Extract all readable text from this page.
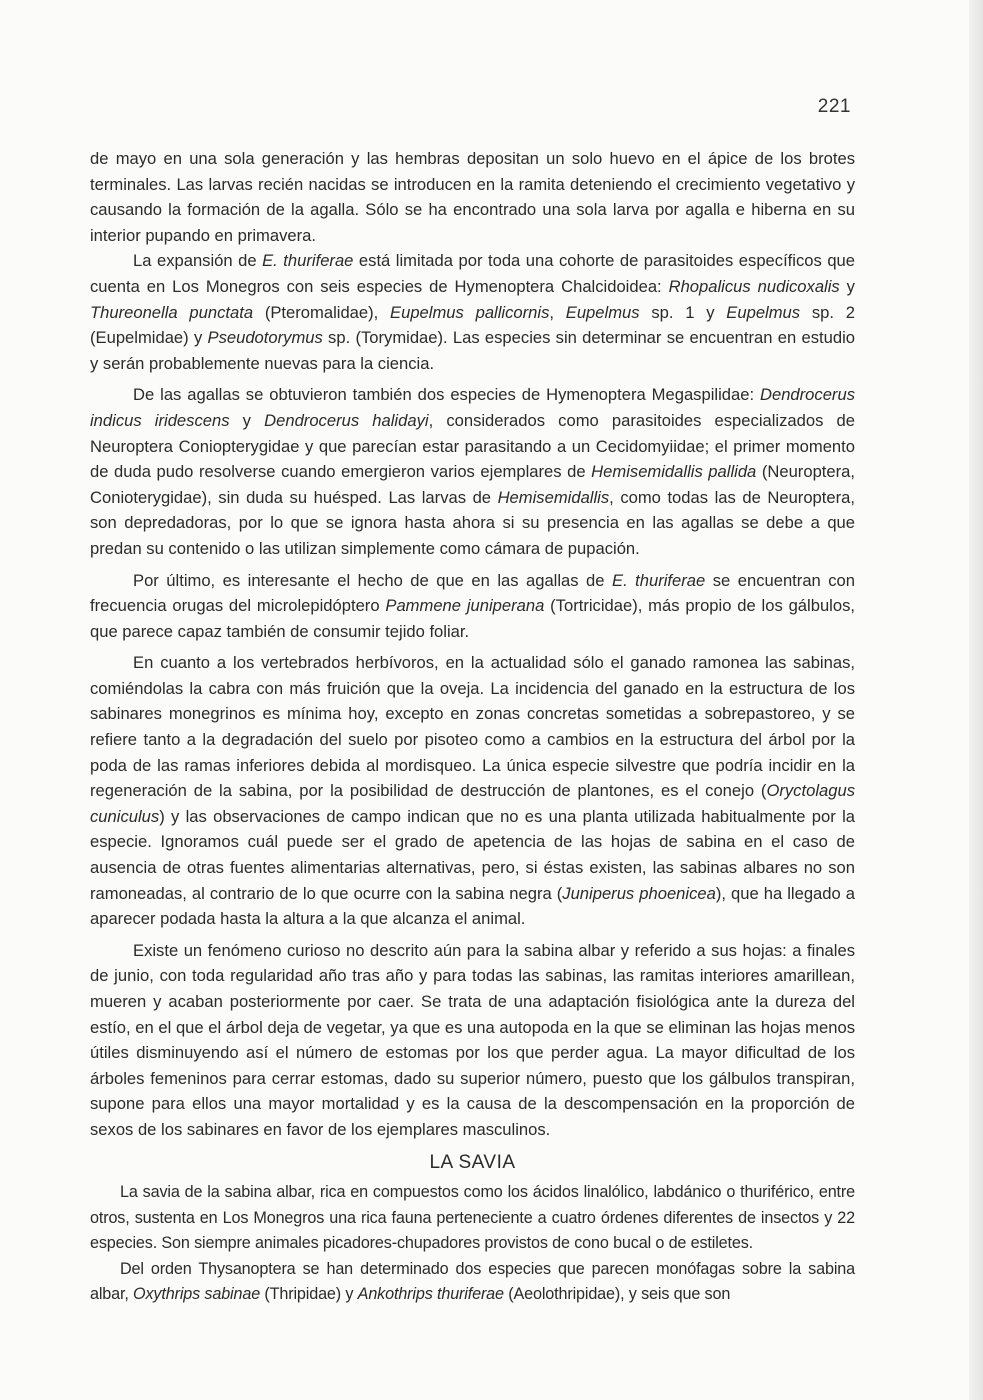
221

de mayo en una sola generación y las hembras depositan un solo huevo en el ápice de los brotes terminales. Las larvas recién nacidas se introducen en la ramita deteniendo el crecimiento vegetativo y causando la formación de la agalla. Sólo se ha encontrado una sola larva por agalla e hiberna en su interior pupando en primavera.

La expansión de E. thuriferae está limitada por toda una cohorte de parasitoides específicos que cuenta en Los Monegros con seis especies de Hymenoptera Chalcidoidea: Rhopalicus nudicoxalis y Thureonella punctata (Pteromalidae), Eupelmus pallicornis, Eupelmus sp. 1 y Eupelmus sp. 2 (Eupelmidae) y Pseudotorymus sp. (Torymidae). Las especies sin determinar se encuentran en estudio y serán probablemente nuevas para la ciencia.

De las agallas se obtuvieron también dos especies de Hymenoptera Megaspilidae: Dendrocerus indicus iridescens y Dendrocerus halidayi, considerados como parasitoides especializados de Neuroptera Coniopterygidae y que parecían estar parasitando a un Cecidomyiidae; el primer momento de duda pudo resolverse cuando emergieron varios ejemplares de Hemisemidallis pallida (Neuroptera, Conioterygidae), sin duda su huésped. Las larvas de Hemisemidallis, como todas las de Neuroptera, son depredadoras, por lo que se ignora hasta ahora si su presencia en las agallas se debe a que predan su contenido o las utilizan simplemente como cámara de pupación.

Por último, es interesante el hecho de que en las agallas de E. thuriferae se encuentran con frecuencia orugas del microlepidóptero Pammene juniperana (Tortricidae), más propio de los gálbulos, que parece capaz también de consumir tejido foliar.

En cuanto a los vertebrados herbívoros, en la actualidad sólo el ganado ramonea las sabinas, comiéndolas la cabra con más fruición que la oveja. La incidencia del ganado en la estructura de los sabinares monegrinos es mínima hoy, excepto en zonas concretas sometidas a sobrepastoreo, y se refiere tanto a la degradación del suelo por pisoteo como a cambios en la estructura del árbol por la poda de las ramas inferiores debida al mordisqueo. La única especie silvestre que podría incidir en la regeneración de la sabina, por la posibilidad de destrucción de plantones, es el conejo (Oryctolagus cuniculus) y las observaciones de campo indican que no es una planta utilizada habitualmente por la especie. Ignoramos cuál puede ser el grado de apetencia de las hojas de sabina en el caso de ausencia de otras fuentes alimentarias alternativas, pero, si éstas existen, las sabinas albares no son ramoneadas, al contrario de lo que ocurre con la sabina negra (Juniperus phoenicea), que ha llegado a aparecer podada hasta la altura a la que alcanza el animal.

Existe un fenómeno curioso no descrito aún para la sabina albar y referido a sus hojas: a finales de junio, con toda regularidad año tras año y para todas las sabinas, las ramitas interiores amarillean, mueren y acaban posteriormente por caer. Se trata de una adaptación fisiológica ante la dureza del estío, en el que el árbol deja de vegetar, ya que es una autopoda en la que se eliminan las hojas menos útiles disminuyendo así el número de estomas por los que perder agua. La mayor dificultad de los árboles femeninos para cerrar estomas, dado su superior número, puesto que los gálbulos transpiran, supone para ellos una mayor mortalidad y es la causa de la descompensación en la proporción de sexos de los sabinares en favor de los ejemplares masculinos.

LA SAVIA

La savia de la sabina albar, rica en compuestos como los ácidos linalólico, labdánico o thuriférico, entre otros, sustenta en Los Monegros una rica fauna perteneciente a cuatro órdenes diferentes de insectos y 22 especies. Son siempre animales picadores-chupadores provistos de cono bucal o de estiletes.

Del orden Thysanoptera se han determinado dos especies que parecen monófagas sobre la sabina albar, Oxythrips sabinae (Thripidae) y Ankothrips thuriferae (Aeolothripidae), y seis que son
